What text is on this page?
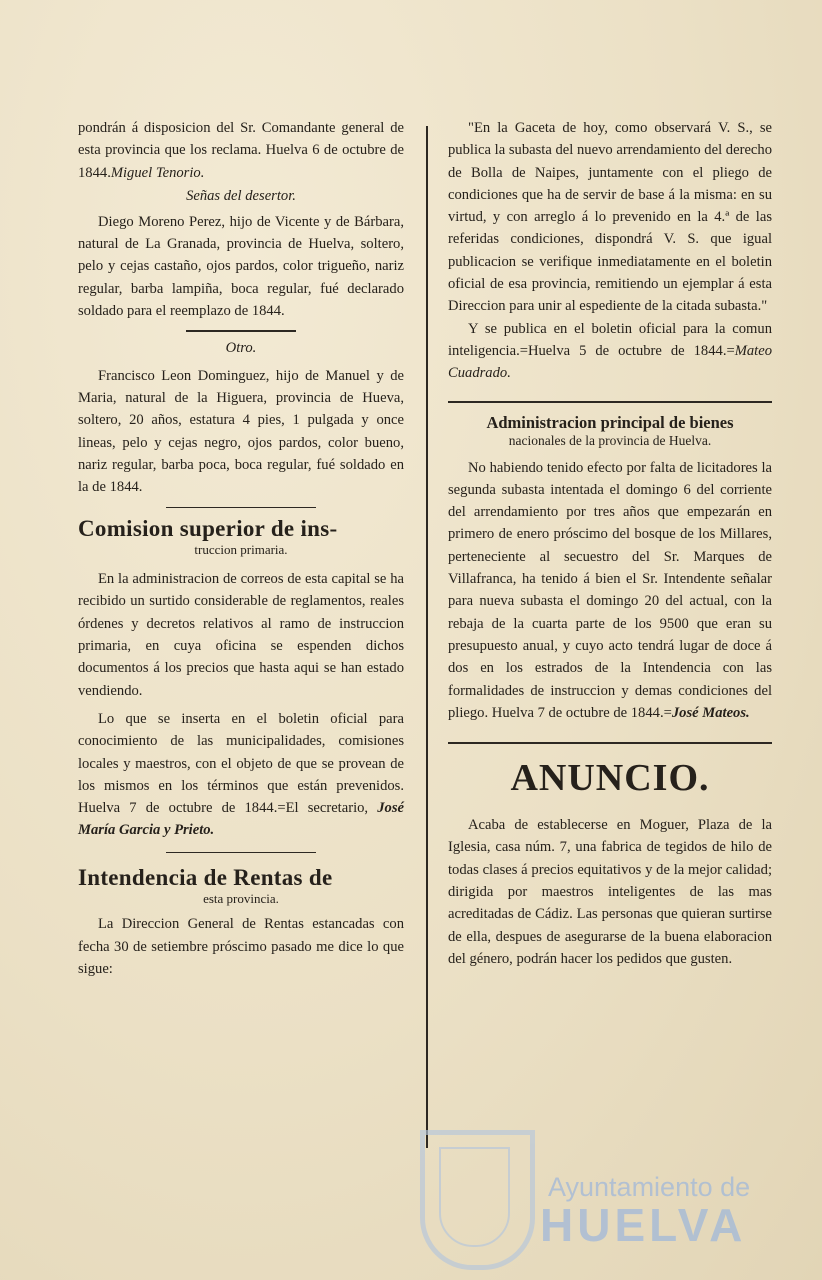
pondrán á disposicion del Sr. Comandante general de esta provincia que los reclama. Huelva 6 de octubre de 1844.Miguel Tenorio.

Señas del desertor.

Diego Moreno Perez, hijo de Vicente y de Bárbara, natural de La Granada, provincia de Huelva, soltero, pelo y cejas castaño, ojos pardos, color trigueño, nariz regular, barba lampiña, boca regular, fué declarado soldado para el reemplazo de 1844.

Otro.

Francisco Leon Dominguez, hijo de Manuel y de Maria, natural de la Higuera, provincia de Hueva, soltero, 20 años, estatura 4 pies, 1 pulgada y once lineas, pelo y cejas negro, ojos pardos, color bueno, nariz regular, barba poca, boca regular, fué soldado en la de 1844.

Comision superior de ins-
truccion primaria.

En la administracion de correos de esta capital se ha recibido un surtido considerable de reglamentos, reales órdenes y decretos relativos al ramo de instruccion primaria, en cuya oficina se espenden dichos documentos á los precios que hasta aqui se han estado vendiendo.

Lo que se inserta en el boletin oficial para conocimiento de las municipalidades, comisiones locales y maestros, con el objeto de que se provean de los mismos en los términos que están prevenidos. Huelva 7 de octubre de 1844.=El secretario, José María Garcia y Prieto.

Intendencia de Rentas de
esta provincia.

La Direccion General de Rentas estancadas con fecha 30 de setiembre próscimo pasado me dice lo que sigue:

"En la Gaceta de hoy, como observará V. S., se publica la subasta del nuevo arrendamiento del derecho de Bolla de Naipes, juntamente con el pliego de condiciones que ha de servir de base á la misma: en su virtud, y con arreglo á lo prevenido en la 4.ª de las referidas condiciones, dispondrá V. S. que igual publicacion se verifique inmediatamente en el boletin oficial de esa provincia, remitiendo un ejemplar á esta Direccion para unir al espediente de la citada subasta."

Y se publica en el boletin oficial para la comun inteligencia.=Huelva 5 de octubre de 1844.=Mateo Cuadrado.

Administracion principal de bienes
nacionales de la provincia de Huelva.

No habiendo tenido efecto por falta de licitadores la segunda subasta intentada el domingo 6 del corriente del arrendamiento por tres años que empezarán en primero de enero próscimo del bosque de los Millares, perteneciente al secuestro del Sr. Marques de Villafranca, ha tenido á bien el Sr. Intendente señalar para nueva subasta el domingo 20 del actual, con la rebaja de la cuarta parte de los 9500 que eran su presupuesto anual, y cuyo acto tendrá lugar de doce á dos en los estrados de la Intendencia con las formalidades de instruccion y demas condiciones del pliego. Huelva 7 de octubre de 1844.=José Mateos.

ANUNCIO.

Acaba de establecerse en Moguer, Plaza de la Iglesia, casa núm. 7, una fabrica de tegidos de hilo de todas clases á precios equitativos y de la mejor calidad; dirigida por maestros inteligentes de las mas acreditadas de Cádiz. Las personas que quieran surtirse de ella, despues de asegurarse de la buena elaboracion del género, podrán hacer los pedidos que gusten.

Ayuntamiento de
HUELVA
